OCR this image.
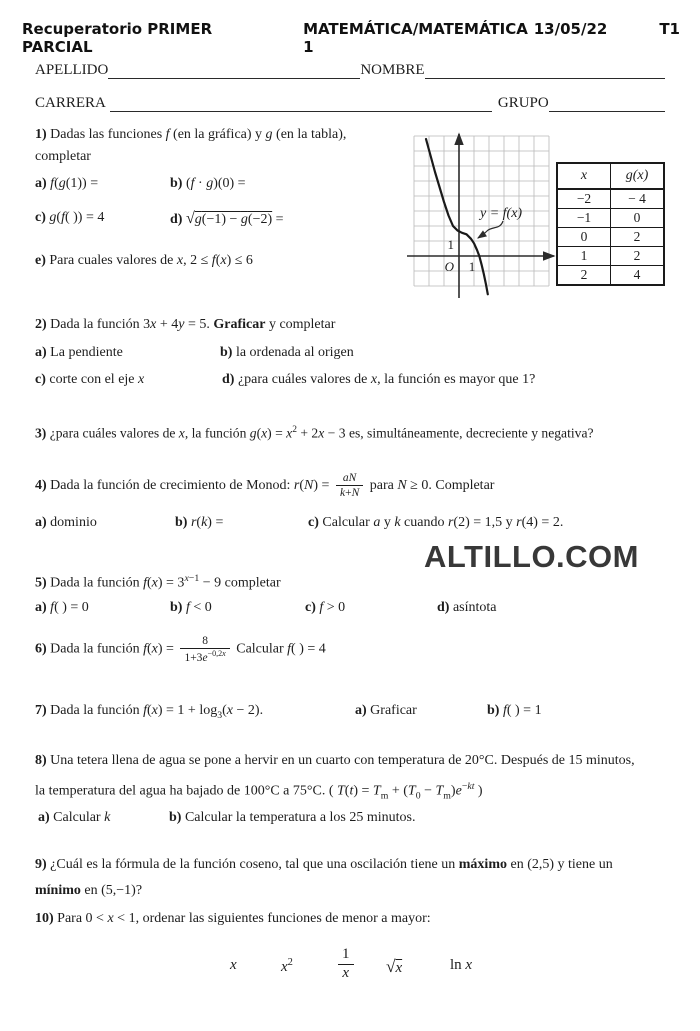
Recuperatorio PRIMER PARCIAL
MATEMÁTICA/MATEMÁTICA 1
13/05/22	T1
APELLIDO	NOMBRE
CARRERA	GRUPO
1) Dadas las funciones f (en la gráfica) y g (en la tabla),
completar
a) f(g(1)) =	b) (f · g)(0) =
c) g(f( )) = 4	d) √g(−1) − g(−2) =
e) Para cuales valores de x, 2 ≤ f(x) ≤ 6
y = f(x)
1
O 1
x	g(x)
−2	− 4
−1	0
0	2
1	2
2	4
2) Dada la función 3x + 4y = 5. Graficar y completar
a) La pendiente	b) la ordenada al origen
c) corte con el eje x	d) ¿para cuáles valores de x, la función es mayor que 1?
3) ¿para cuáles valores de x, la función $g(x) = x^2 + 2x - 3$ es, simultáneamente, decreciente y negativa?
4) Dada la función de crecimiento de Monod: $r(N) = \frac{aN}{k+N}$ para N ≥ 0. Completar
a) dominio	b) r(k) =	c) Calcular a y k cuando r(2) = 1,5 y r(4) = 2.
ALTILLO.COM
5) Dada la función $f(x) = 3^{x-1} - 9$ completar
a) f( ) = 0	b) f < 0	c) f > 0	d) asíntota
6) Dada la función $f(x) = \frac{8}{1+3e^{-0,2x}}$ Calcular f( ) = 4
7) Dada la función $f(x) = 1 + \log_3(x - 2)$.	a) Graficar	b) f( ) = 1
8) Una tetera llena de agua se pone a hervir en un cuarto con temperatura de 20°C. Después de 15 minutos,
la temperatura del agua ha bajado de 100°C a 75°C. ( $T(t) = T_m + (T_0 - T_m)e^{-kt}$ )
a) Calcular k	b) Calcular la temperatura a los 25 minutos.
9) ¿Cuál es la fórmula de la función coseno, tal que una oscilación tiene un máximo en (2,5) y tiene un
mínimo en (5,−1)?
10) Para 0 < x < 1, ordenar las siguientes funciones de menor a mayor:
x	$x^2$	$\frac{1}{x} √x$	ln x
